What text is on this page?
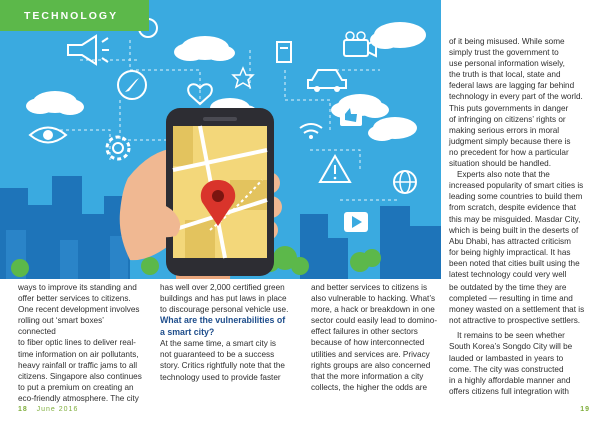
TECHNOLOGY

of it being misused. While some

simply trust the government to

use personal information wisely,

the truth is that local, state and

federal laws are lagging far behind

technology in every part of the world.

This puts governments in danger

of infringing on citizens’ rights or

making serious errors in moral

judgment simply because there is

no precedent for how a particular

situation should be handled.

Experts also note that the

increased popularity of smart cities is

leading some countries to build them

from scratch, despite evidence that

this may be misguided. Masdar City,

which is being built in the deserts of

Abu Dhabi, has attracted criticism

for being highly impractical. It has

been noted that cities built using the

latest technology could very well

ways to improve its standing and

offer better services to citizens.

One recent development involves

rolling out ‘smart boxes’ connected

to fiber optic lines to deliver real-

time information on air pollutants,

heavy rainfall or traffic jams to all

citizens. Singapore also continues

to put a premium on creating an

eco-friendly atmosphere. The city

has well over 2,000 certified green

buildings and has put laws in place

to discourage personal vehicle use.

What are the vulnerabilities of
a smart city?

At the same time, a smart city is

not guaranteed to be a success

story. Critics rightfully note that the

technology used to provide faster

and better services to citizens is

also vulnerable to hacking. What’s

more, a hack or breakdown in one

sector could easily lead to domino-

effect failures in other sectors

because of how interconnected

utilities and services are. Privacy

rights groups are also concerned

that the more information a city

collects, the higher the odds are

be outdated by the time they are

completed — resulting in time and

money wasted on a settlement that is

not attractive to prospective settlers.

It remains to be seen whether

South Korea’s Songdo City will be

lauded or lambasted in years to

come. The city was constructed

in a highly affordable manner and

offers citizens full integration with

18 June 2016	19
